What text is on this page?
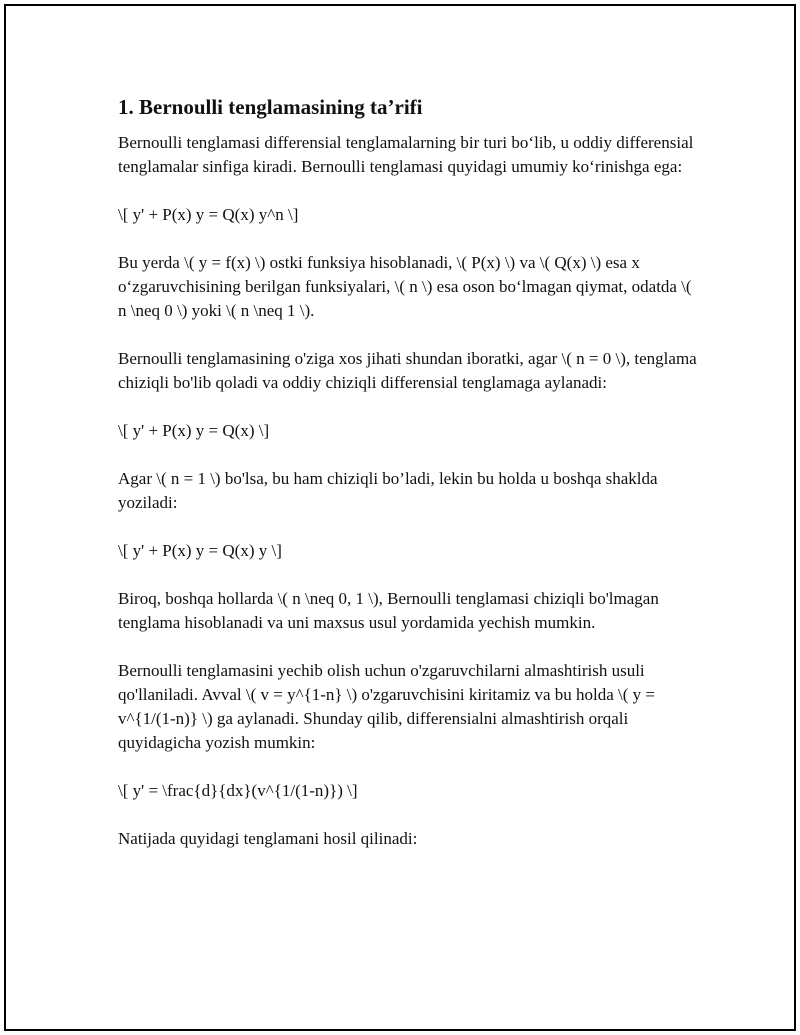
1. Bernoulli tenglamasining ta’rifi

Bernoulli tenglamasi differensial tenglamalarning bir turi bo‘lib, u oddiy differensial tenglamalar sinfiga kiradi. Bernoulli tenglamasi quyidagi umumiy ko‘rinishga ega:

\[ y' + P(x) y = Q(x) y^n \]

Bu yerda \( y = f(x) \) ostki funksiya hisoblanadi, \( P(x) \) va \( Q(x) \) esa x o‘zgaruvchisining berilgan funksiyalari, \( n \) esa oson bo‘lmagan qiymat, odatda \( n \neq 0 \) yoki \( n \neq 1 \).

Bernoulli tenglamasining o'ziga xos jihati shundan iboratki, agar \( n = 0 \), tenglama chiziqli bo'lib qoladi va oddiy chiziqli differensial tenglamaga aylanadi:

\[ y' + P(x) y = Q(x) \]

Agar \( n = 1 \) bo'lsa, bu ham chiziqli bo’ladi, lekin bu holda u boshqa shaklda yoziladi:

\[ y' + P(x) y = Q(x) y \]

Biroq, boshqa hollarda \( n \neq 0, 1 \), Bernoulli tenglamasi chiziqli bo'lmagan tenglama hisoblanadi va uni maxsus usul yordamida yechish mumkin.

Bernoulli tenglamasini yechib olish uchun o'zgaruvchilarni almashtirish usuli qo'llaniladi. Avval \( v = y^{1-n} \) o'zgaruvchisini kiritamiz va bu holda \( y = v^{1/(1-n)} \) ga aylanadi. Shunday qilib, differensialni almashtirish orqali quyidagicha yozish mumkin:

\[ y' = \frac{d}{dx}(v^{1/(1-n)}) \]

Natijada quyidagi tenglamani hosil qilinadi:
